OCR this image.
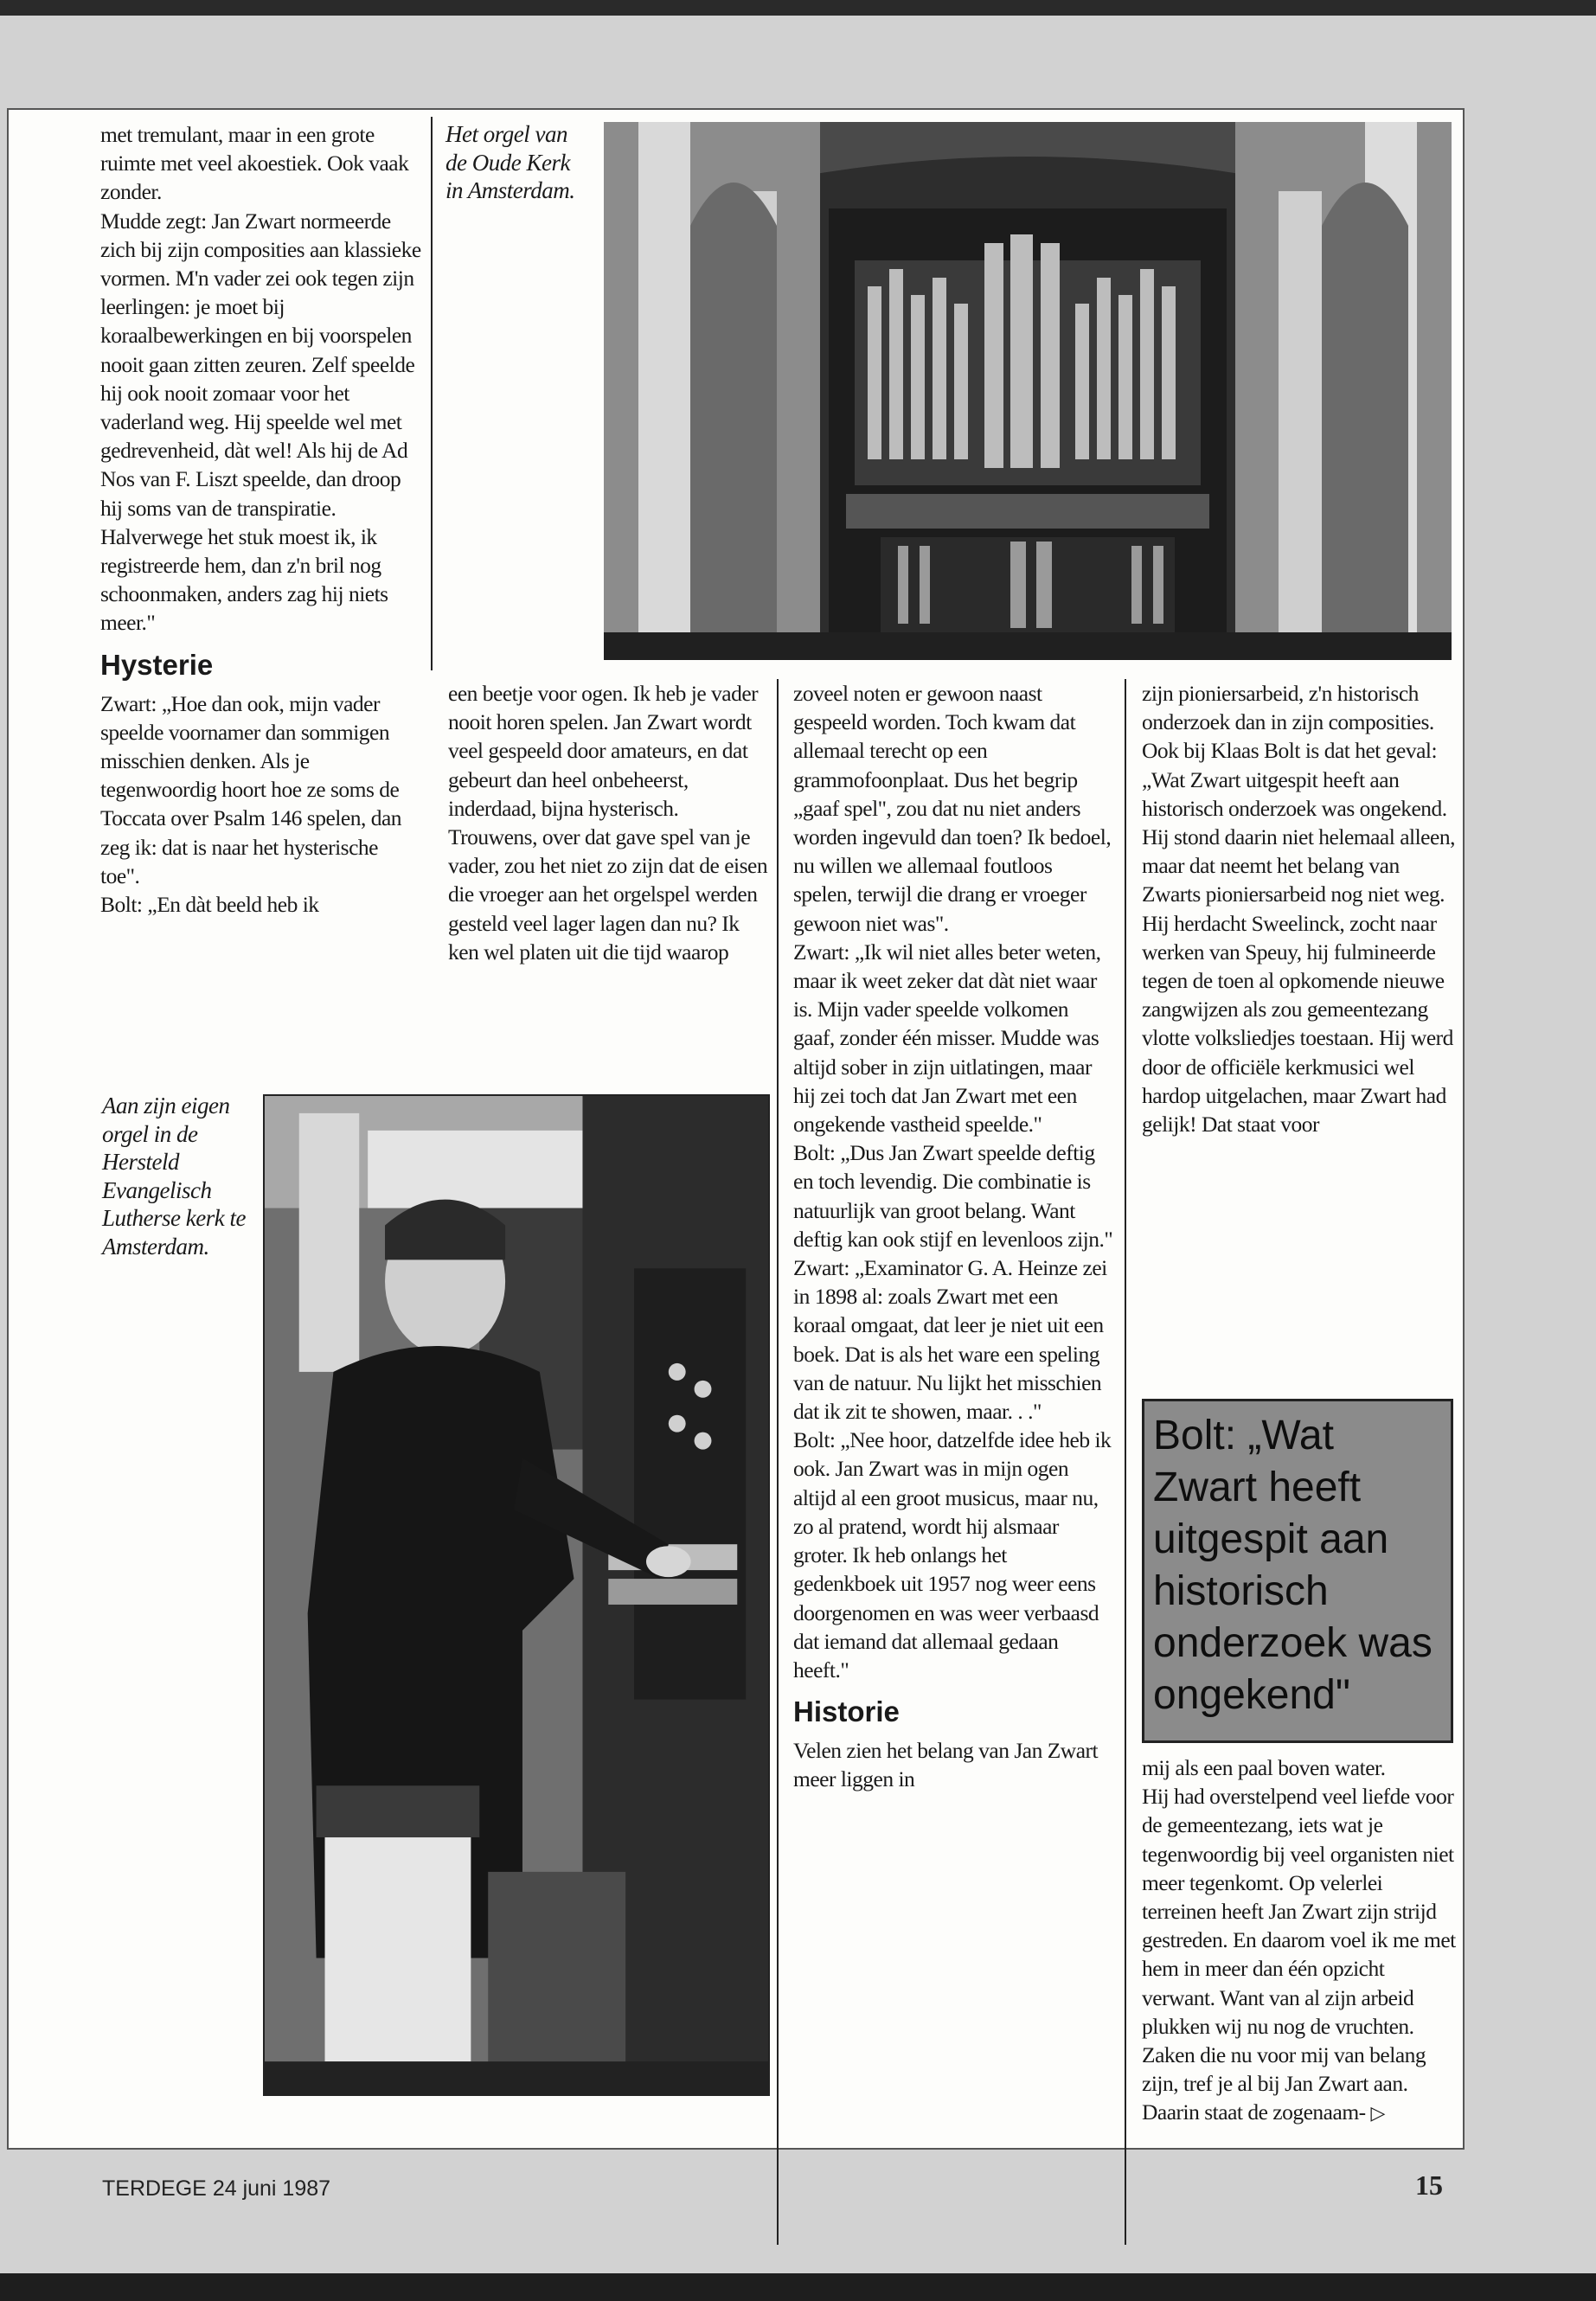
met tremulant, maar in een grote ruimte met veel akoestiek. Ook vaak zonder.

Mudde zegt: Jan Zwart normeerde zich bij zijn composities aan klassieke vormen. M'n vader zei ook tegen zijn leerlingen: je moet bij koraalbewerkingen en bij voorspelen nooit gaan zitten zeuren. Zelf speelde hij ook nooit zomaar voor het vaderland weg. Hij speelde wel met gedrevenheid, dàt wel! Als hij de Ad Nos van F. Liszt speelde, dan droop hij soms van de transpiratie. Halverwege het stuk moest ik, ik registreerde hem, dan z'n bril nog schoonmaken, anders zag hij niets meer."

Hysterie

Zwart: „Hoe dan ook, mijn vader speelde voornamer dan sommigen misschien denken. Als je tegenwoordig hoort hoe ze soms de Toccata over Psalm 146 spelen, dan zeg ik: dat is naar het hysterische toe".

Bolt: „En dàt beeld heb ik

Het orgel van de Oude Kerk in Amsterdam.

een beetje voor ogen. Ik heb je vader nooit horen spelen. Jan Zwart wordt veel gespeeld door amateurs, en dat gebeurt dan heel onbeheerst, inderdaad, bijna hysterisch. Trouwens, over dat gave spel van je vader, zou het niet zo zijn dat de eisen die vroeger aan het orgelspel werden gesteld veel lager lagen dan nu? Ik ken wel platen uit die tijd waarop

Aan zijn eigen orgel in de Hersteld Evangelisch Lutherse kerk te Amsterdam.

zoveel noten er gewoon naast gespeeld worden. Toch kwam dat allemaal terecht op een grammofoonplaat. Dus het begrip „gaaf spel", zou dat nu niet anders worden ingevuld dan toen? Ik bedoel, nu willen we allemaal foutloos spelen, terwijl die drang er vroeger gewoon niet was".

Zwart: „Ik wil niet alles beter weten, maar ik weet zeker dat dàt niet waar is. Mijn vader speelde volkomen gaaf, zonder één misser. Mudde was altijd sober in zijn uitlatingen, maar hij zei toch dat Jan Zwart met een ongekende vastheid speelde."

Bolt: „Dus Jan Zwart speelde deftig en toch levendig. Die combinatie is natuurlijk van groot belang. Want deftig kan ook stijf en levenloos zijn."

Zwart: „Examinator G. A. Heinze zei in 1898 al: zoals Zwart met een koraal omgaat, dat leer je niet uit een boek. Dat is als het ware een speling van de natuur. Nu lijkt het misschien dat ik zit te showen, maar. . ."

Bolt: „Nee hoor, datzelfde idee heb ik ook. Jan Zwart was in mijn ogen altijd al een groot musicus, maar nu, zo al pratend, wordt hij alsmaar groter. Ik heb onlangs het gedenkboek uit 1957 nog weer eens doorgenomen en was weer verbaasd dat iemand dat allemaal gedaan heeft."

Historie

Velen zien het belang van Jan Zwart meer liggen in

zijn pioniersarbeid, z'n historisch onderzoek dan in zijn composities. Ook bij Klaas Bolt is dat het geval: „Wat Zwart uitgespit heeft aan historisch onderzoek was ongekend. Hij stond daarin niet helemaal alleen, maar dat neemt het belang van Zwarts pioniersarbeid nog niet weg. Hij herdacht Sweelinck, zocht naar werken van Speuy, hij fulmineerde tegen de toen al opkomende nieuwe zangwijzen als zou gemeentezang vlotte volksliedjes toestaan. Hij werd door de officiële kerkmusici wel hardop uitgelachen, maar Zwart had gelijk! Dat staat voor

Bolt: „Wat Zwart heeft uitgespit aan historisch onderzoek was ongekend"

mij als een paal boven water.

Hij had overstelpend veel liefde voor de gemeentezang, iets wat je tegenwoordig bij veel organisten niet meer tegenkomt. Op velerlei terreinen heeft Jan Zwart zijn strijd gestreden. En daarom voel ik me met hem in meer dan één opzicht verwant. Want van al zijn arbeid plukken wij nu nog de vruchten. Zaken die nu voor mij van belang zijn, tref je al bij Jan Zwart aan. Daarin staat de zogenaam- ▷

TERDEGE 24 juni 1987	15
